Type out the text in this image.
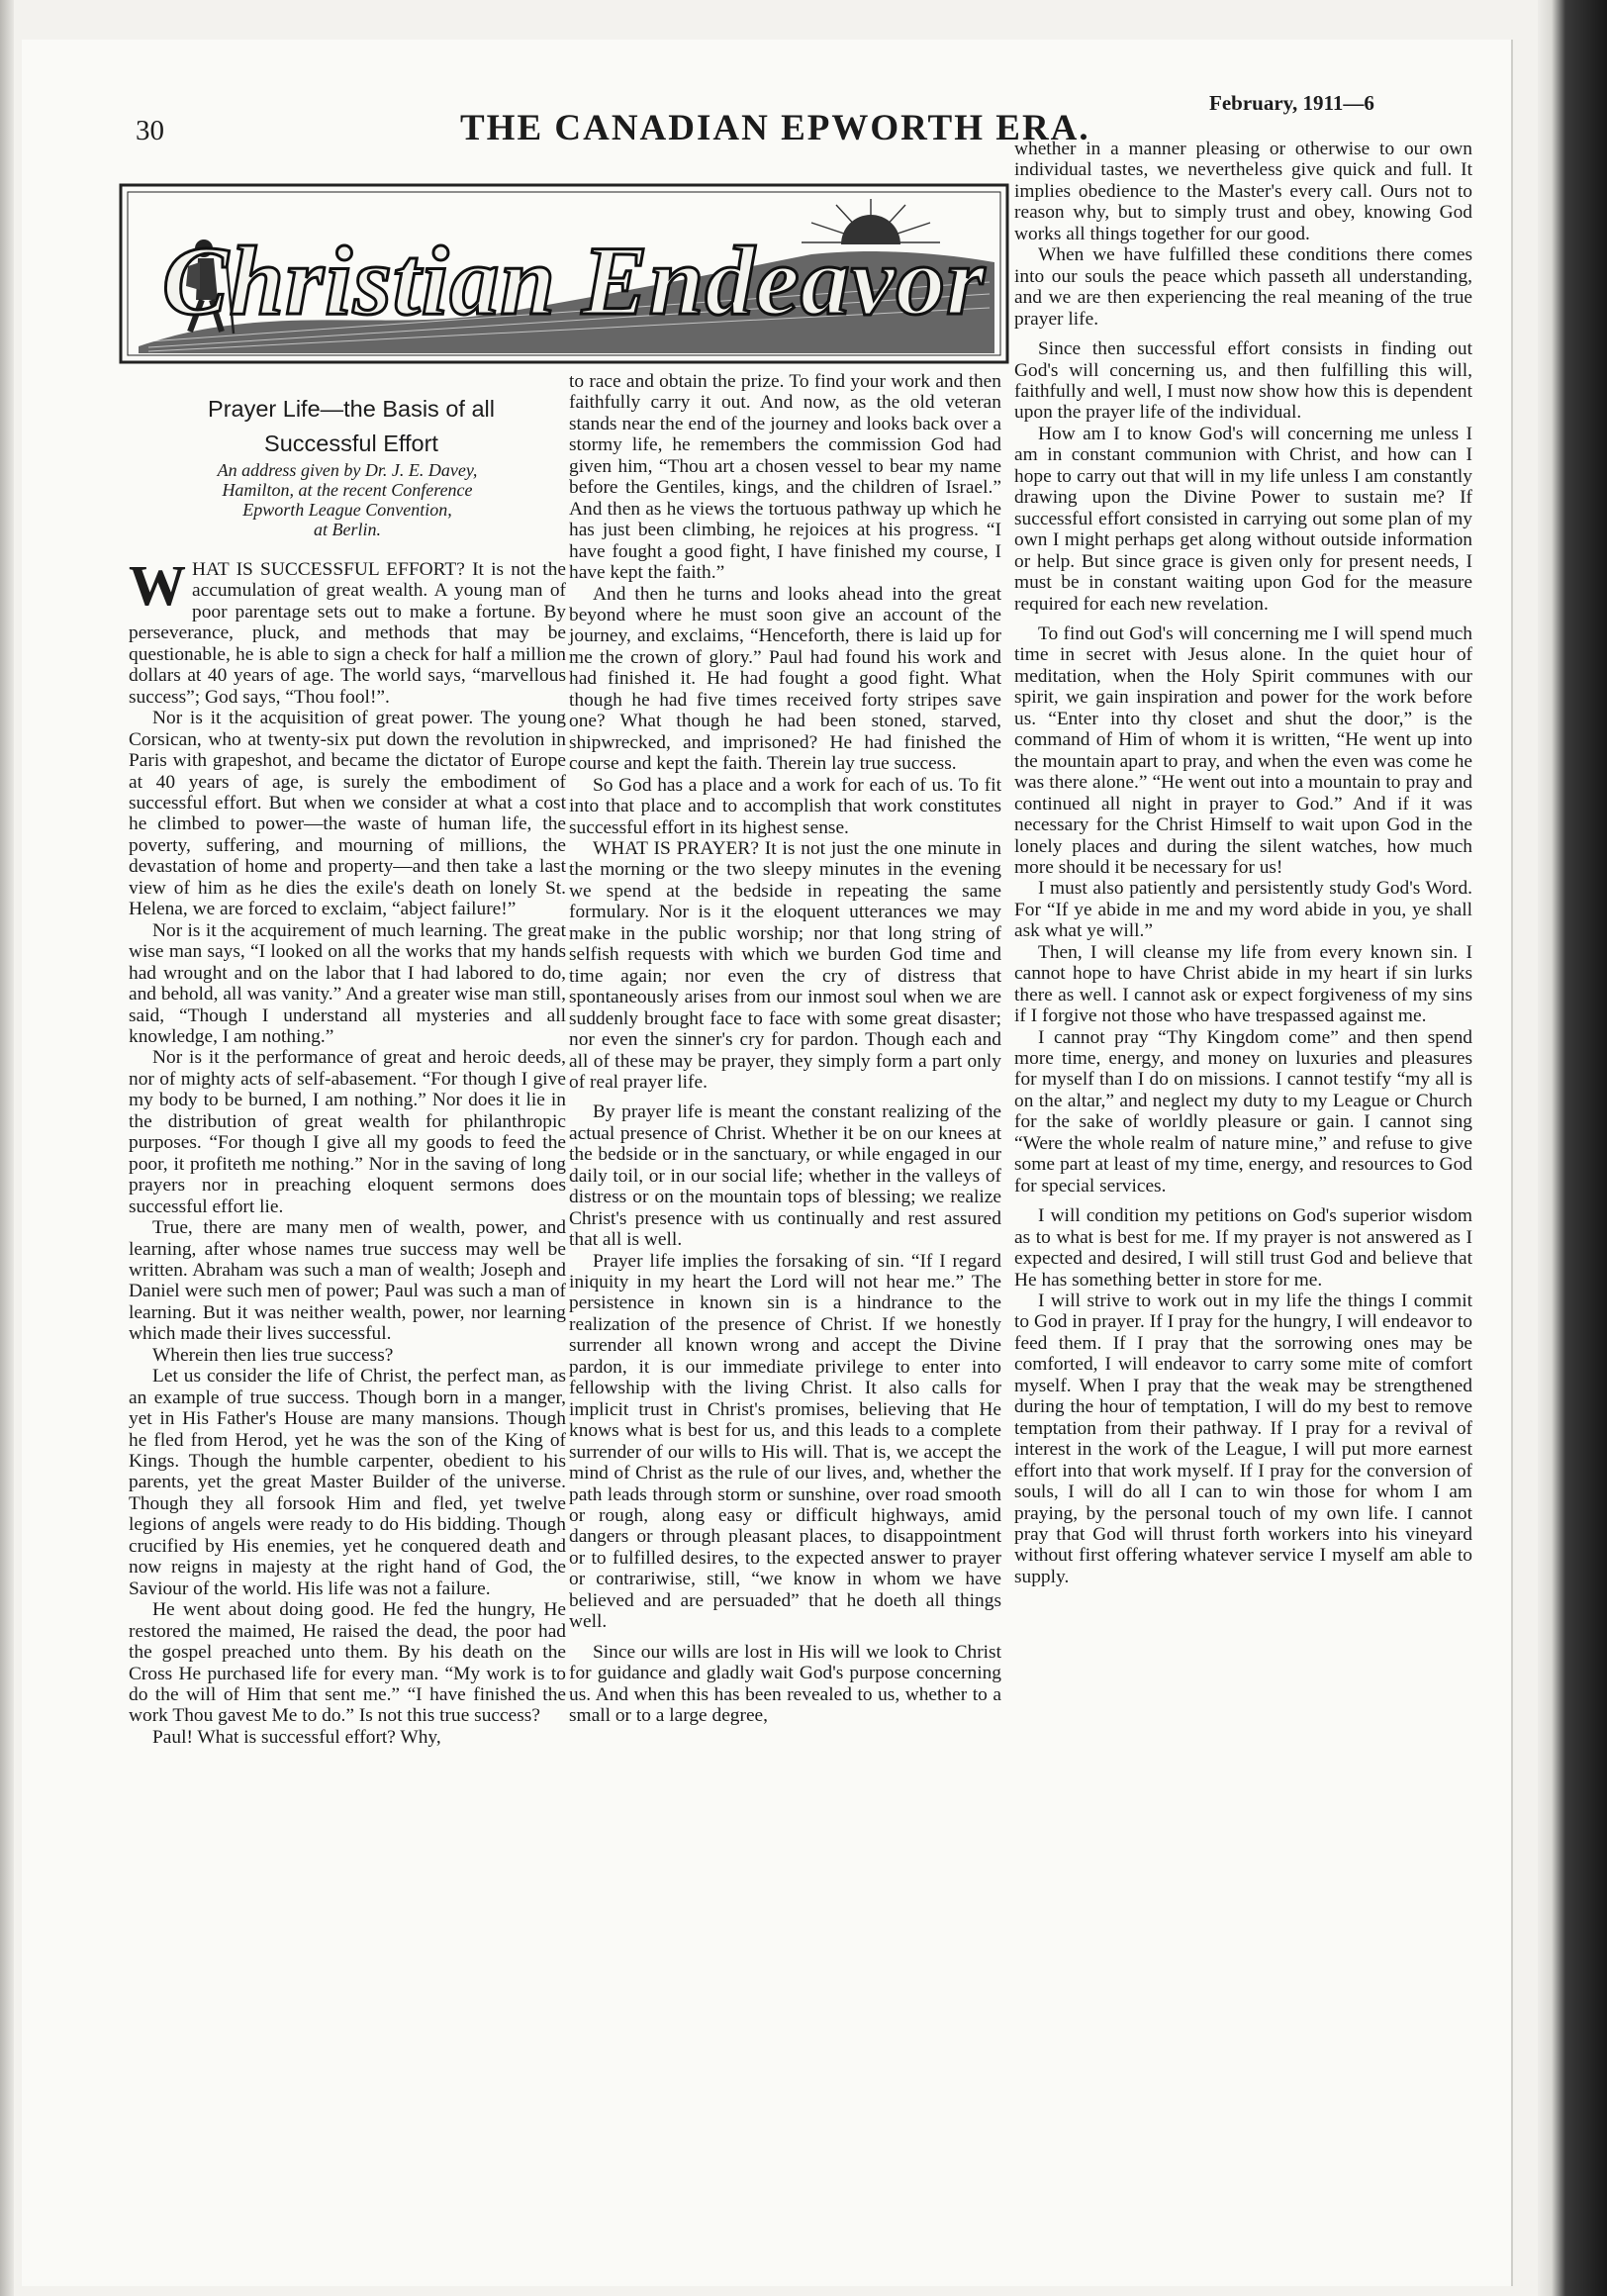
30	THE CANADIAN EPWORTH ERA.
February, 1911—6
Christian Endeavor
Prayer Life—the Basis of all
Successful Effort
An address given by Dr. J. E. Davey,
Hamilton, at the recent Conference
Epworth League Convention,
at Berlin.

WHAT IS SUCCESSFUL EFFORT? It is not the accumulation of great wealth. A young man of poor parentage sets out to make a fortune. By perseverance, pluck, and methods that may be questionable, he is able to sign a check for half a million dollars at 40 years of age. The world says, “marvellous success”; God says, “Thou fool!”.

Nor is it the acquisition of great power. The young Corsican, who at twenty-six put down the revolution in Paris with grapeshot, and became the dictator of Europe at 40 years of age, is surely the embodiment of successful effort. But when we consider at what a cost he climbed to power—the waste of human life, the poverty, suffering, and mourning of millions, the devastation of home and property—and then take a last view of him as he dies the exile's death on lonely St. Helena, we are forced to exclaim, “abject failure!”

Nor is it the acquirement of much learning. The great wise man says, “I looked on all the works that my hands had wrought and on the labor that I had labored to do, and behold, all was vanity.” And a greater wise man still, said, “Though I understand all mysteries and all knowledge, I am nothing.”

Nor is it the performance of great and heroic deeds, nor of mighty acts of self-abasement. “For though I give my body to be burned, I am nothing.” Nor does it lie in the distribution of great wealth for philanthropic purposes. “For though I give all my goods to feed the poor, it profiteth me nothing.” Nor in the saving of long prayers nor in preaching eloquent sermons does successful effort lie.

True, there are many men of wealth, power, and learning, after whose names true success may well be written. Abraham was such a man of wealth; Joseph and Daniel were such men of power; Paul was such a man of learning. But it was neither wealth, power, nor learning which made their lives successful.

Wherein then lies true success?

Let us consider the life of Christ, the perfect man, as an example of true success. Though born in a manger, yet in His Father's House are many mansions. Though he fled from Herod, yet he was the son of the King of Kings. Though the humble carpenter, obedient to his parents, yet the great Master Builder of the universe. Though they all forsook Him and fled, yet twelve legions of angels were ready to do His bidding. Though crucified by His enemies, yet he conquered death and now reigns in majesty at the right hand of God, the Saviour of the world. His life was not a failure.

He went about doing good. He fed the hungry, He restored the maimed, He raised the dead, the poor had the gospel preached unto them. By his death on the Cross He purchased life for every man. “My work is to do the will of Him that sent me.” “I have finished the work Thou gavest Me to do.” Is not this true success?

Paul! What is successful effort? Why,

to race and obtain the prize. To find your work and then faithfully carry it out. And now, as the old veteran stands near the end of the journey and looks back over a stormy life, he remembers the commission God had given him, “Thou art a chosen vessel to bear my name before the Gentiles, kings, and the children of Israel.” And then as he views the tortuous pathway up which he has just been climbing, he rejoices at his progress. “I have fought a good fight, I have finished my course, I have kept the faith.”

And then he turns and looks ahead into the great beyond where he must soon give an account of the journey, and exclaims, “Henceforth, there is laid up for me the crown of glory.” Paul had found his work and had finished it. He had fought a good fight. What though he had five times received forty stripes save one? What though he had been stoned, starved, shipwrecked, and imprisoned? He had finished the course and kept the faith. Therein lay true success.

So God has a place and a work for each of us. To fit into that place and to accomplish that work constitutes successful effort in its highest sense.

WHAT IS PRAYER? It is not just the one minute in the morning or the two sleepy minutes in the evening we spend at the bedside in repeating the same formulary. Nor is it the eloquent utterances we may make in the public worship; nor that long string of selfish requests with which we burden God time and time again; nor even the cry of distress that spontaneously arises from our inmost soul when we are suddenly brought face to face with some great disaster; nor even the sinner's cry for pardon. Though each and all of these may be prayer, they simply form a part only of real prayer life.

By prayer life is meant the constant realizing of the actual presence of Christ. Whether it be on our knees at the bedside or in the sanctuary, or while engaged in our daily toil, or in our social life; whether in the valleys of distress or on the mountain tops of blessing; we realize Christ's presence with us continually and rest assured that all is well.

Prayer life implies the forsaking of sin. “If I regard iniquity in my heart the Lord will not hear me.” The persistence in known sin is a hindrance to the realization of the presence of Christ. If we honestly surrender all known wrong and accept the Divine pardon, it is our immediate privilege to enter into fellowship with the living Christ. It also calls for implicit trust in Christ's promises, believing that He knows what is best for us, and this leads to a complete surrender of our wills to His will. That is, we accept the mind of Christ as the rule of our lives, and, whether the path leads through storm or sunshine, over road smooth or rough, along easy or difficult highways, amid dangers or through pleasant places, to disappointment or to fulfilled desires, to the expected answer to prayer or contrariwise, still, “we know in whom we have believed and are persuaded” that he doeth all things well.

Since our wills are lost in His will we look to Christ for guidance and gladly wait God's purpose concerning us. And when this has been revealed to us, whether to a small or to a large degree,

whether in a manner pleasing or otherwise to our own individual tastes, we nevertheless give quick and full. It implies obedience to the Master's every call. Ours not to reason why, but to simply trust and obey, knowing God works all things together for our good.

When we have fulfilled these conditions there comes into our souls the peace which passeth all understanding, and we are then experiencing the real meaning of the true prayer life.

Since then successful effort consists in finding out God's will concerning us, and then fulfilling this will, faithfully and well, I must now show how this is dependent upon the prayer life of the individual.

How am I to know God's will concerning me unless I am in constant communion with Christ, and how can I hope to carry out that will in my life unless I am constantly drawing upon the Divine Power to sustain me? If successful effort consisted in carrying out some plan of my own I might perhaps get along without outside information or help. But since grace is given only for present needs, I must be in constant waiting upon God for the measure required for each new revelation.

To find out God's will concerning me I will spend much time in secret with Jesus alone. In the quiet hour of meditation, when the Holy Spirit communes with our spirit, we gain inspiration and power for the work before us. “Enter into thy closet and shut the door,” is the command of Him of whom it is written, “He went up into the mountain apart to pray, and when the even was come he was there alone.” “He went out into a mountain to pray and continued all night in prayer to God.” And if it was necessary for the Christ Himself to wait upon God in the lonely places and during the silent watches, how much more should it be necessary for us!

I must also patiently and persistently study God's Word. For “If ye abide in me and my word abide in you, ye shall ask what ye will.”

Then, I will cleanse my life from every known sin. I cannot hope to have Christ abide in my heart if sin lurks there as well. I cannot ask or expect forgiveness of my sins if I forgive not those who have trespassed against me.

I cannot pray “Thy Kingdom come” and then spend more time, energy, and money on luxuries and pleasures for myself than I do on missions. I cannot testify “my all is on the altar,” and neglect my duty to my League or Church for the sake of worldly pleasure or gain. I cannot sing “Were the whole realm of nature mine,” and refuse to give some part at least of my time, energy, and resources to God for special services.

I will condition my petitions on God's superior wisdom as to what is best for me. If my prayer is not answered as I expected and desired, I will still trust God and believe that He has something better in store for me.

I will strive to work out in my life the things I commit to God in prayer. If I pray for the hungry, I will endeavor to feed them. If I pray that the sorrowing ones may be comforted, I will endeavor to carry some mite of comfort myself. When I pray that the weak may be strengthened during the hour of temptation, I will do my best to remove temptation from their pathway. If I pray for a revival of interest in the work of the League, I will put more earnest effort into that work myself. If I pray for the conversion of souls, I will do all I can to win those for whom I am praying, by the personal touch of my own life. I cannot pray that God will thrust forth workers into his vineyard without first offering whatever service I myself am able to supply.
